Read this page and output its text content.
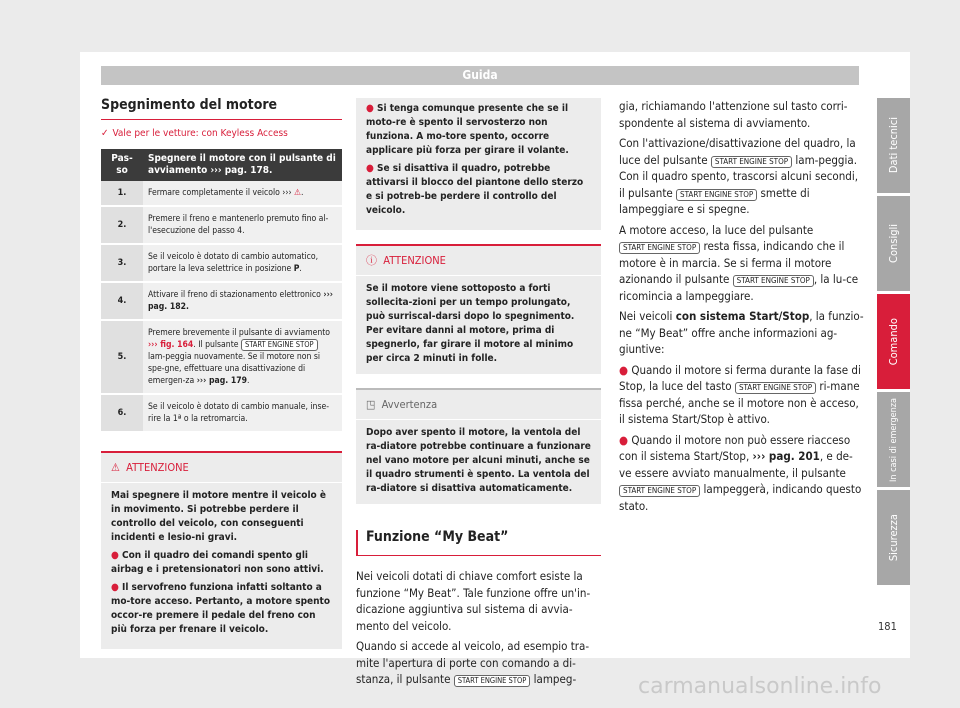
Guida
Spegnimento del motore
✓ Vale per le vetture: con Keyless Access
Pas-so	Spegnere il motore con il pulsante di avviamento ››› pag. 178.
1.	Fermare completamente il veicolo ››› ⚠.
2.	Premere il freno e mantenerlo premuto fino al-l'esecuzione del passo 4.
3.	Se il veicolo è dotato di cambio automatico, portare la leva selettrice in posizione P.
4.	Attivare il freno di stazionamento elettronico ››› pag. 182.
5.	Premere brevemente il pulsante di avviamento ››› fig. 164. Il pulsante START ENGINE STOP lam-peggia nuovamente. Se il motore non si spe-gne, effettuare una disattivazione di emergen-za ››› pag. 179.
6.	Se il veicolo è dotato di cambio manuale, inse-rire la 1ª o la retromarcia.
⚠ ATTENZIONE

Mai spegnere il motore mentre il veicolo è in movimento. Si potrebbe perdere il controllo del veicolo, con conseguenti incidenti e lesio-ni gravi.

● Con il quadro dei comandi spento gli airbag e i pretensionatori non sono attivi.

● Il servofreno funziona infatti soltanto a mo-tore acceso. Pertanto, a motore spento occor-re premere il pedale del freno con più forza per frenare il veicolo.

● Si tenga comunque presente che se il moto-re è spento il servosterzo non funziona. A mo-tore spento, occorre applicare più forza per girare il volante.

● Se si disattiva il quadro, potrebbe attivarsi il blocco del piantone dello sterzo e si potreb-be perdere il controllo del veicolo.

ⓘ ATTENZIONE
Se il motore viene sottoposto a forti sollecita-zioni per un tempo prolungato, può surriscal-darsi dopo lo spegnimento. Per evitare danni al motore, prima di spegnerlo, far girare il motore al minimo per circa 2 minuti in folle.
◳ Avvertenza
Dopo aver spento il motore, la ventola del ra-diatore potrebbe continuare a funzionare nel vano motore per alcuni minuti, anche se il quadro strumenti è spento. La ventola del ra-diatore si disattiva automaticamente.
Funzione “My Beat”

Nei veicoli dotati di chiave comfort esiste la funzione “My Beat”. Tale funzione offre un'in-dicazione aggiuntiva sul sistema di avvia-mento del veicolo.

Quando si accede al veicolo, ad esempio tra-mite l'apertura di porte con comando a di-stanza, il pulsante START ENGINE STOP lampeg-

gia, richiamando l'attenzione sul tasto corri-spondente al sistema di avviamento.

Con l'attivazione/disattivazione del quadro, la luce del pulsante START ENGINE STOP lam-peggia. Con il quadro spento, trascorsi alcuni secondi, il pulsante START ENGINE STOP smette di lampeggiare e si spegne.

A motore acceso, la luce del pulsante START ENGINE STOP resta fissa, indicando che il motore è in marcia. Se si ferma il motore azionando il pulsante START ENGINE STOP , la lu-ce ricomincia a lampeggiare.

Nei veicoli con sistema Start/Stop, la funzio-ne “My Beat” offre anche informazioni ag-giuntive:

● Quando il motore si ferma durante la fase di Stop, la luce del tasto START ENGINE STOP ri-mane fissa perché, anche se il motore non è acceso, il sistema Start/Stop è attivo.

● Quando il motore non può essere riacceso con il sistema Start/Stop, ››› pag. 201, e de-ve essere avviato manualmente, il pulsante START ENGINE STOP lampeggerà, indicando questo stato.

Dati tecnici
Consigli
Comando
In casi di emergenza
Sicurezza
181
carmanualsonline.info
